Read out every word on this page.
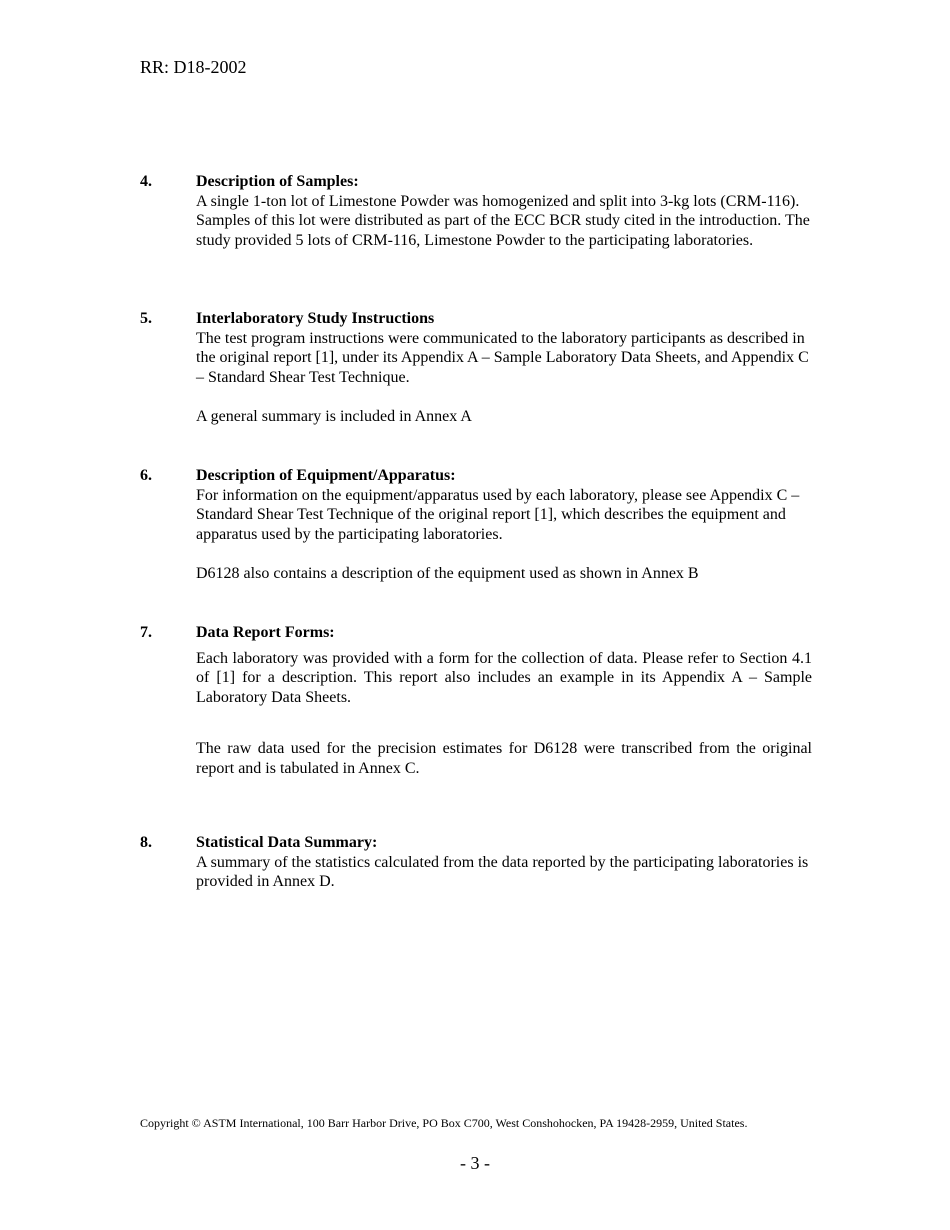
RR: D18-2002
4.	Description of Samples:

A single 1-ton lot of Limestone Powder was homogenized and split into 3-kg lots (CRM-116). Samples of this lot were distributed as part of the ECC BCR study cited in the introduction. The study provided 5 lots of CRM-116, Limestone Powder to the participating laboratories.

5.	Interlaboratory Study Instructions

The test program instructions were communicated to the laboratory participants as described in the original report [1], under its Appendix A – Sample Laboratory Data Sheets, and Appendix C – Standard Shear Test Technique.

A general summary is included in Annex A

6.	Description of Equipment/Apparatus:

For information on the equipment/apparatus used by each laboratory, please see Appendix C – Standard Shear Test Technique of the original report [1], which describes the equipment and apparatus used by the participating laboratories.

D6128 also contains a description of the equipment used as shown in Annex B

7.	Data Report Forms:

Each laboratory was provided with a form for the collection of data. Please refer to Section 4.1 of [1] for a description. This report also includes an example in its Appendix A – Sample Laboratory Data Sheets.

The raw data used for the precision estimates for D6128 were transcribed from the original report and is tabulated in Annex C.

8.	Statistical Data Summary:

A summary of the statistics calculated from the data reported by the participating laboratories is provided in Annex D.

Copyright © ASTM International, 100 Barr Harbor Drive, PO Box C700, West Conshohocken, PA 19428-2959, United States.
- 3 -
